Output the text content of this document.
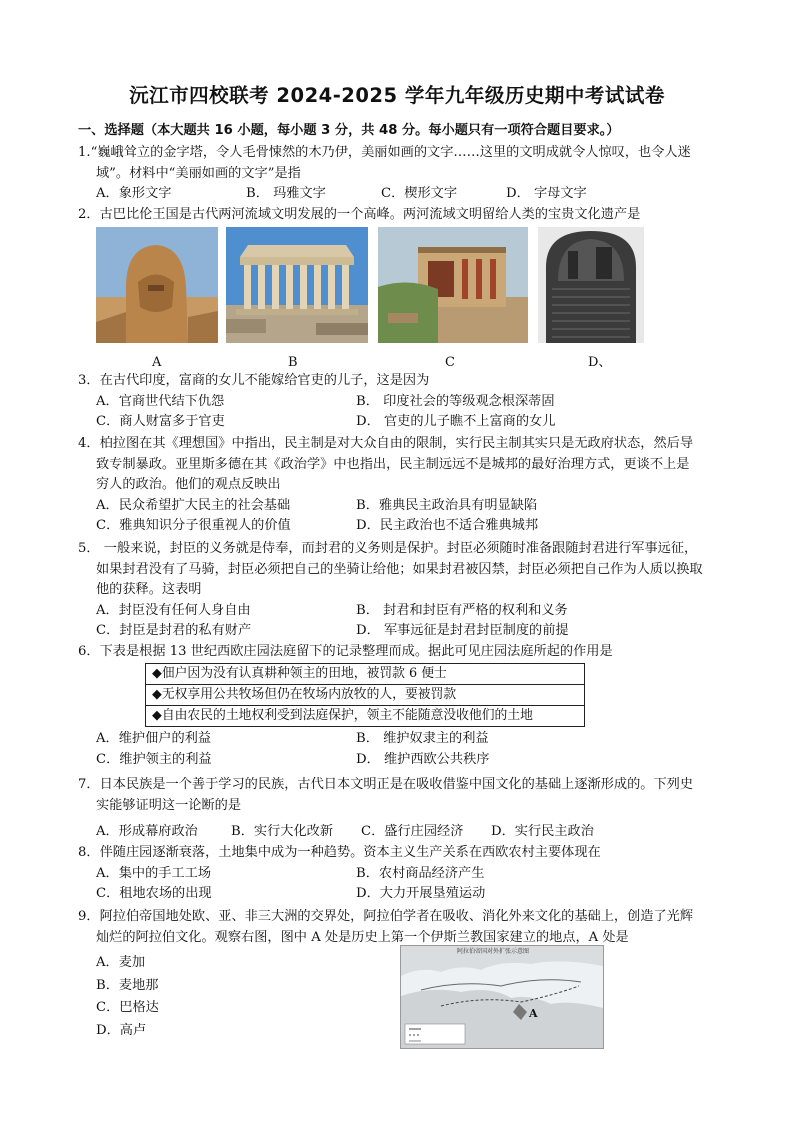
沅江市四校联考 2024-2025 学年九年级历史期中考试试卷
一、选择题（本大题共 16 小题，每小题 3 分，共 48 分。每小题只有一项符合题目要求。）
1.“巍峨耸立的金字塔，令人毛骨悚然的木乃伊，美丽如画的文字……这里的文明成就令人惊叹，也令人迷
域”。材料中“美丽如画的文字”是指
A．象形文字	B． 玛雅文字	C．楔形文字	D． 字母文字
2．古巴比伦王国是古代两河流域文明发展的一个高峰。两河流域文明留给人类的宝贵文化遗产是
A	B	C	D、
3．在古代印度，富商的女儿不能嫁给官吏的儿子，这是因为
A．官商世代结下仇怨	B． 印度社会的等级观念根深蒂固
C．商人财富多于官吏	D． 官吏的儿子瞧不上富商的女儿
4．柏拉图在其《理想国》中指出，民主制是对大众自由的限制，实行民主制其实只是无政府状态，然后导
致专制暴政。亚里斯多德在其《政治学》中也指出，民主制远远不是城邦的最好治理方式，更谈不上是
穷人的政治。他们的观点反映出
A．民众希望扩大民主的社会基础	B．雅典民主政治具有明显缺陷
C．雅典知识分子很重视人的价值	D．民主政治也不适合雅典城邦
5． 一般来说，封臣的义务就是侍奉，而封君的义务则是保护。封臣必须随时准备跟随封君进行军事远征，
如果封君没有了马骑，封臣必须把自己的坐骑让给他；如果封君被囚禁，封臣必须把自己作为人质以换取
他的获释。这表明
A．封臣没有任何人身自由	B． 封君和封臣有严格的权利和义务
C．封臣是封君的私有财产	D． 军事远征是封君封臣制度的前提
6．下表是根据 13 世纪西欧庄园法庭留下的记录整理而成。据此可见庄园法庭所起的作用是
◆佃户因为没有认真耕种领主的田地，被罚款 6 便士
◆无权享用公共牧场但仍在牧场内放牧的人，要被罚款
◆自由农民的土地权利受到法庭保护，领主不能随意没收他们的土地
A．维护佃户的利益	B． 维护奴隶主的利益
C．维护领主的利益	D． 维护西欧公共秩序
7．日本民族是一个善于学习的民族，古代日本文明正是在吸收借鉴中国文化的基础上逐渐形成的。下列史
实能够证明这一论断的是
A．形成幕府政治	B．实行大化改新	C．盛行庄园经济	D．实行民主政治
8．伴随庄园逐渐衰落，土地集中成为一种趋势。资本主义生产关系在西欧农村主要体现在
A．集中的手工工场	B．农村商品经济产生
C．租地农场的出现	D．大力开展垦殖运动
9．阿拉伯帝国地处欧、亚、非三大洲的交界处，阿拉伯学者在吸收、消化外来文化的基础上，创造了光辉
灿烂的阿拉伯文化。观察右图，图中 A 处是历史上第一个伊斯兰教国家建立的地点，A 处是
A．麦加
B．麦地那
C．巴格达
D．高卢
阿拉伯帝国对外扩张示意图
A
